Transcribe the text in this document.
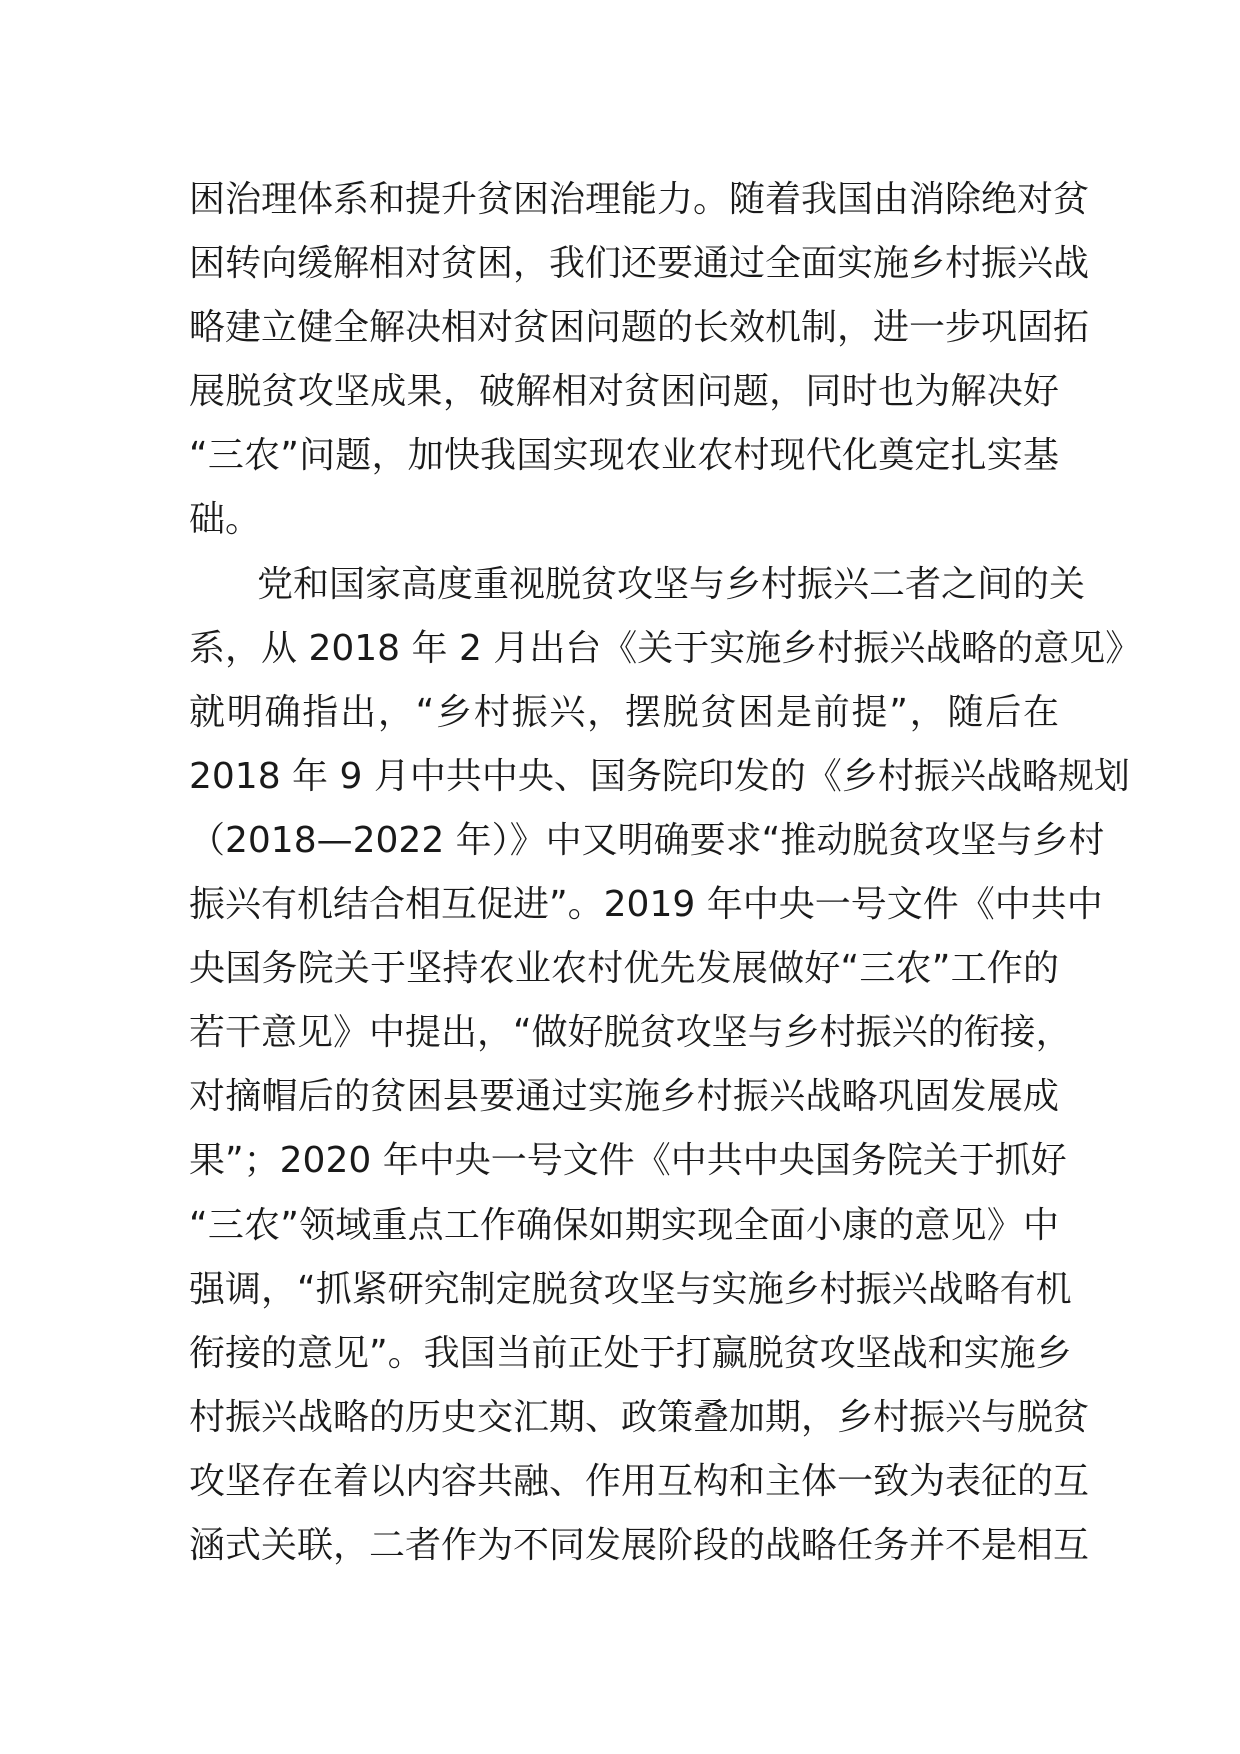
困治理体系和提升贫困治理能力。随着我国由消除绝对贫
困转向缓解相对贫困，我们还要通过全面实施乡村振兴战
略建立健全解决相对贫困问题的长效机制，进一步巩固拓
展脱贫攻坚成果，破解相对贫困问题，同时也为解决好
“三农”问题，加快我国实现农业农村现代化奠定扎实基
础。
党和国家高度重视脱贫攻坚与乡村振兴二者之间的关
系，从 2018 年 2 月出台《关于实施乡村振兴战略的意见》
就明确指出，“乡村振兴，摆脱贫困是前提”，随后在
2018 年 9 月中共中央、国务院印发的《乡村振兴战略规划
（2018—2022 年）》中又明确要求“推动脱贫攻坚与乡村
振兴有机结合相互促进”。2019 年中央一号文件《中共中
央国务院关于坚持农业农村优先发展做好“三农”工作的
若干意见》中提出，“做好脱贫攻坚与乡村振兴的衔接，
对摘帽后的贫困县要通过实施乡村振兴战略巩固发展成
果”；2020 年中央一号文件《中共中央国务院关于抓好
“三农”领域重点工作确保如期实现全面小康的意见》中
强调，“抓紧研究制定脱贫攻坚与实施乡村振兴战略有机
衔接的意见”。我国当前正处于打赢脱贫攻坚战和实施乡
村振兴战略的历史交汇期、政策叠加期，乡村振兴与脱贫
攻坚存在着以内容共融、作用互构和主体一致为表征的互
涵式关联，二者作为不同发展阶段的战略任务并不是相互
